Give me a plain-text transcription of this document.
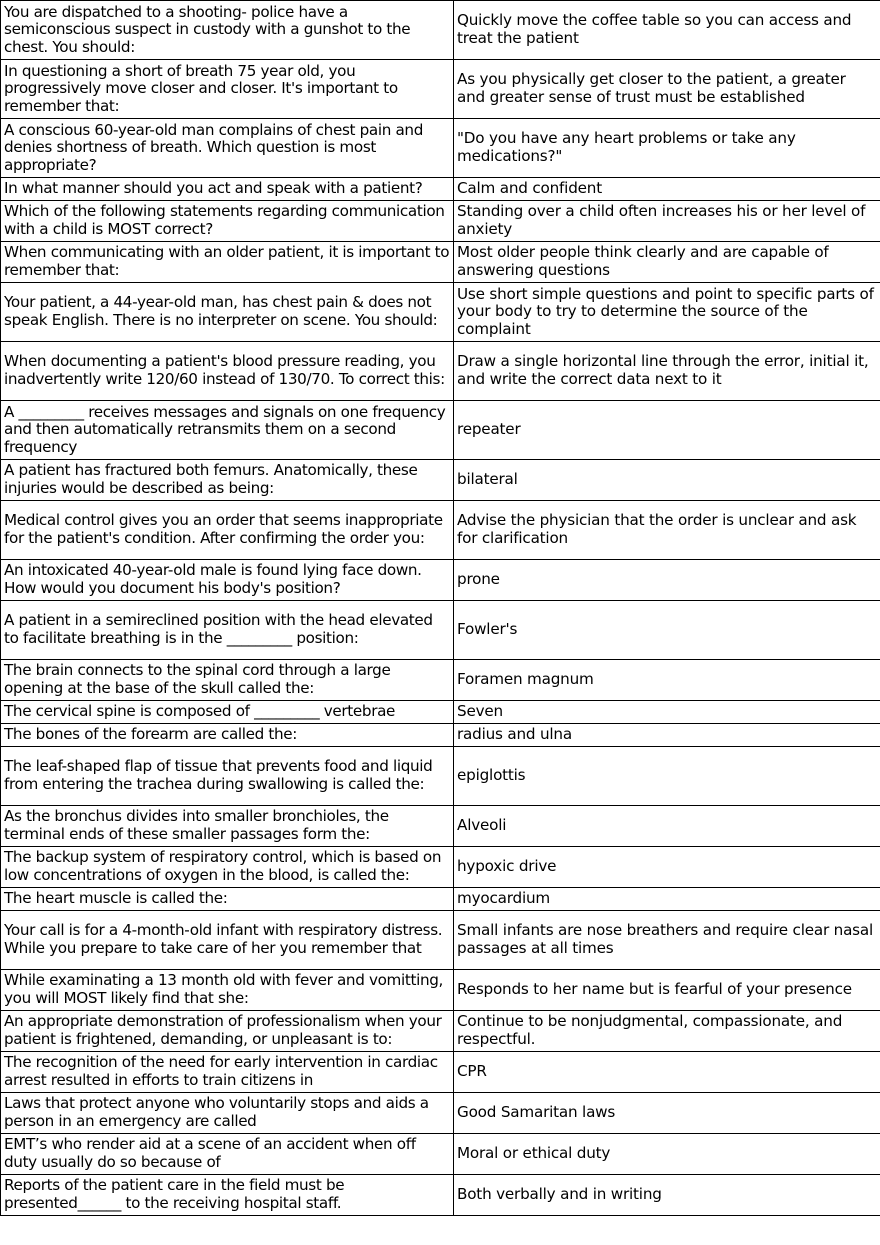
You are dispatched to a shooting- police have a semiconscious suspect in custody with a gunshot to the chest. You should:	Quickly move the coffee table so you can access and treat the patient
In questioning a short of breath 75 year old, you progressively move closer and closer. It's important to remember that:	As you physically get closer to the patient, a greater and greater sense of trust must be established
A conscious 60-year-old man complains of chest pain and denies shortness of breath. Which question is most appropriate?	"Do you have any heart problems or take any medications?"
In what manner should you act and speak with a patient?	Calm and confident
Which of the following statements regarding communication with a child is MOST correct?	Standing over a child often increases his or her level of anxiety
When communicating with an older patient, it is important to remember that:	Most older people think clearly and are capable of answering questions
Your patient, a 44-year-old man, has chest pain & does not speak English. There is no interpreter on scene. You should:	Use short simple questions and point to specific parts of your body to try to determine the source of the complaint
When documenting a patient's blood pressure reading, you inadvertently write 120/60 instead of 130/70. To correct this:	Draw a single horizontal line through the error, initial it, and write the correct data next to it
A _________ receives messages and signals on one frequency and then automatically retransmits them on a second frequency	repeater
A patient has fractured both femurs. Anatomically, these injuries would be described as being:	bilateral
Medical control gives you an order that seems inappropriate for the patient's condition. After confirming the order you:	Advise the physician that the order is unclear and ask for clarification
An intoxicated 40-year-old male is found lying face down. How would you document his body's position?	prone
A patient in a semireclined position with the head elevated to facilitate breathing is in the _________ position:	Fowler's
The brain connects to the spinal cord through a large opening at the base of the skull called the:	Foramen magnum
The cervical spine is composed of _________ vertebrae	Seven
The bones of the forearm are called the:	radius and ulna
The leaf-shaped flap of tissue that prevents food and liquid from entering the trachea during swallowing is called the:	epiglottis
As the bronchus divides into smaller bronchioles, the terminal ends of these smaller passages form the:	Alveoli
The backup system of respiratory control, which is based on low concentrations of oxygen in the blood, is called the:	hypoxic drive
The heart muscle is called the:	myocardium
Your call is for a 4-month-old infant with respiratory distress. While you prepare to take care of her you remember that	Small infants are nose breathers and require clear nasal passages at all times
While examinating a 13 month old with fever and vomitting, you will MOST likely find that she:	Responds to her name but is fearful of your presence
An appropriate demonstration of professionalism when your patient is frightened, demanding, or unpleasant is to:	Continue to be nonjudgmental, compassionate, and respectful.
The recognition of the need for early intervention in cardiac arrest resulted in efforts to train citizens in	CPR
Laws that protect anyone who voluntarily stops and aids a person in an emergency are called	Good Samaritan laws
EMT’s who render aid at a scene of an accident when off duty usually do so because of	Moral or ethical duty
Reports of the patient care in the field must be presented______ to the receiving hospital staff.	Both verbally and in writing
